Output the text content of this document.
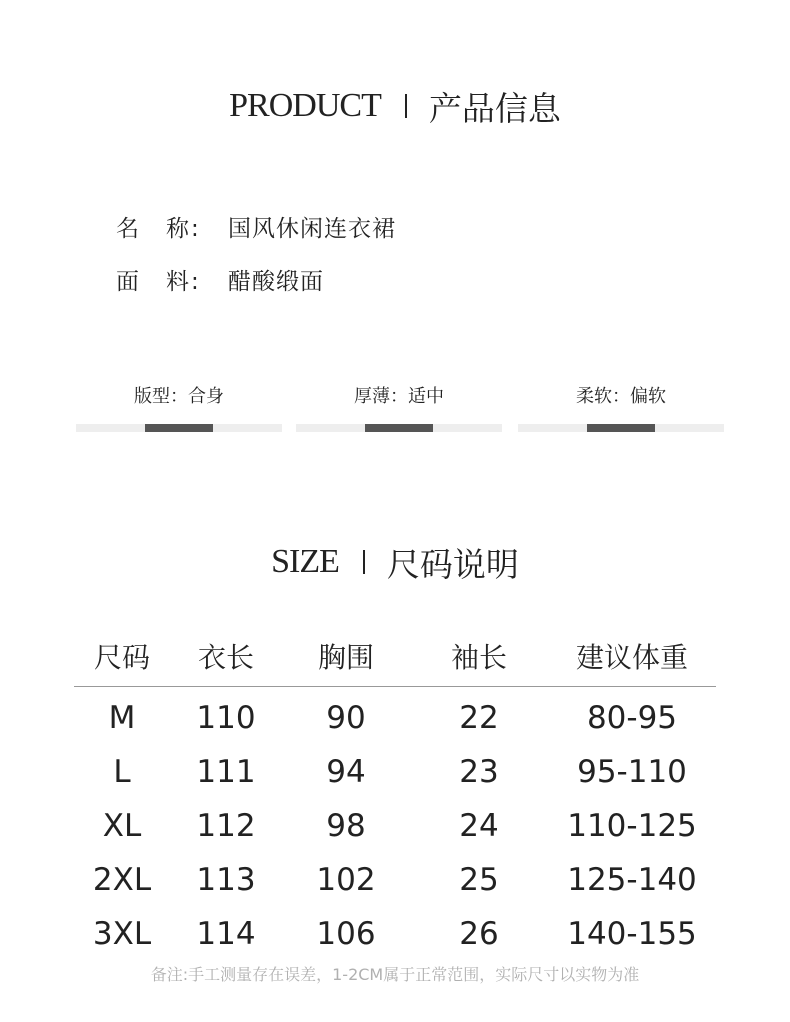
PRODUCT 产品信息
名　称:	国风休闲连衣裙
面　料:	醋酸缎面
版型：合身	厚薄：适中	柔软：偏软
SIZE 尺码说明
尺码	衣长	胸围	袖长	建议体重
M	110	90	22	80-95
L	111	94	23	95-110
XL	112	98	24	110-125
2XL	113	102	25	125-140
3XL	114	106	26	140-155
备注:手工测量存在误差，1-2CM属于正常范围，实际尺寸以实物为准
